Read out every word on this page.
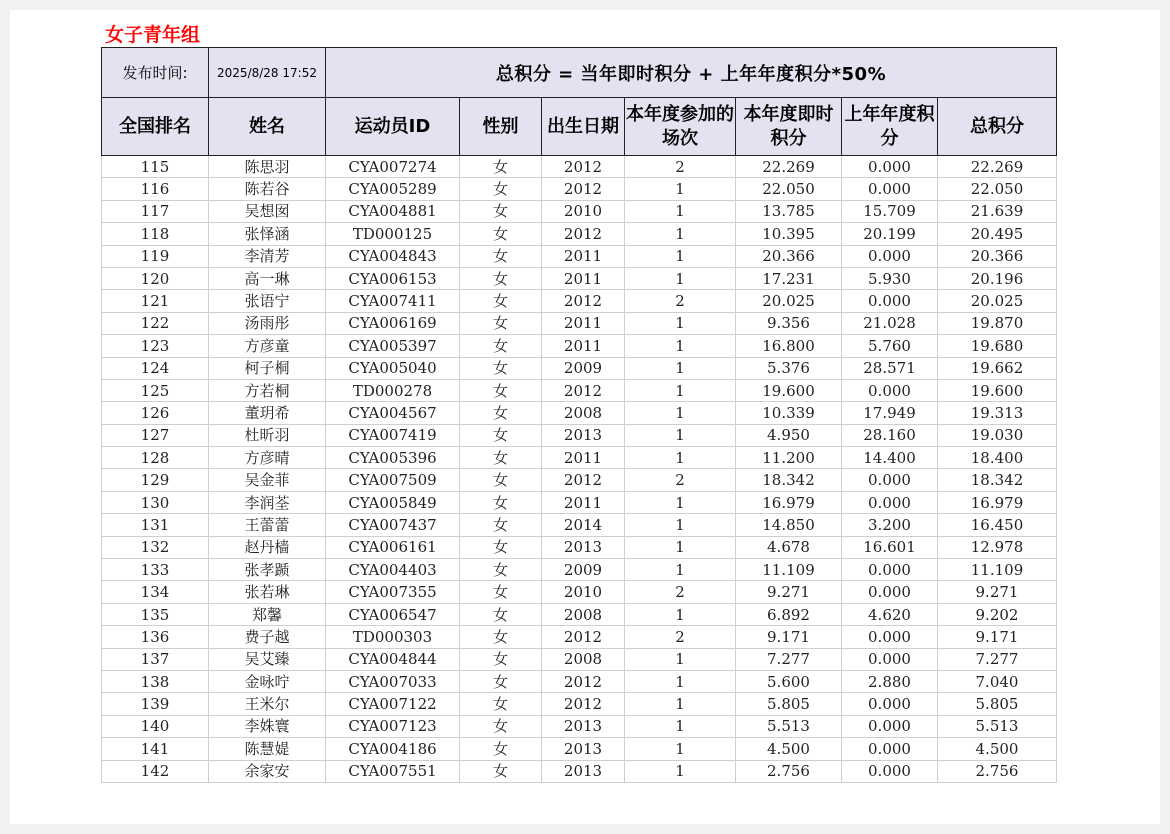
女子青年组
发布时间:	2025/8/28 17:52	总积分 = 当年即时积分 + 上年年度积分*50%						
全国排名	姓名	运动员ID	性别	出生日期	本年度参加的场次	本年度即时积分	上年年度积分	总积分
115	陈思羽	CYA007274	女	2012	2	22.269	0.000	22.269
116	陈若谷	CYA005289	女	2012	1	22.050	0.000	22.050
117	吴想囡	CYA004881	女	2010	1	13.785	15.709	21.639
118	张怿涵	TD000125	女	2012	1	10.395	20.199	20.495
119	李清芳	CYA004843	女	2011	1	20.366	0.000	20.366
120	高一琳	CYA006153	女	2011	1	17.231	5.930	20.196
121	张语宁	CYA007411	女	2012	2	20.025	0.000	20.025
122	汤雨彤	CYA006169	女	2011	1	9.356	21.028	19.870
123	方彦童	CYA005397	女	2011	1	16.800	5.760	19.680
124	柯子桐	CYA005040	女	2009	1	5.376	28.571	19.662
125	方若桐	TD000278	女	2012	1	19.600	0.000	19.600
126	董玥希	CYA004567	女	2008	1	10.339	17.949	19.313
127	杜昕羽	CYA007419	女	2013	1	4.950	28.160	19.030
128	方彦晴	CYA005396	女	2011	1	11.200	14.400	18.400
129	吴金菲	CYA007509	女	2012	2	18.342	0.000	18.342
130	李润荃	CYA005849	女	2011	1	16.979	0.000	16.979
131	王蕾蕾	CYA007437	女	2014	1	14.850	3.200	16.450
132	赵丹樯	CYA006161	女	2013	1	4.678	16.601	12.978
133	张孝踬	CYA004403	女	2009	1	11.109	0.000	11.109
134	张若琳	CYA007355	女	2010	2	9.271	0.000	9.271
135	郑馨	CYA006547	女	2008	1	6.892	4.620	9.202
136	费子越	TD000303	女	2012	2	9.171	0.000	9.171
137	吴艾臻	CYA004844	女	2008	1	7.277	0.000	7.277
138	金咏咛	CYA007033	女	2012	1	5.600	2.880	7.040
139	王米尔	CYA007122	女	2012	1	5.805	0.000	5.805
140	李姝寰	CYA007123	女	2013	1	5.513	0.000	5.513
141	陈慧媞	CYA004186	女	2013	1	4.500	0.000	4.500
142	余家安	CYA007551	女	2013	1	2.756	0.000	2.756
